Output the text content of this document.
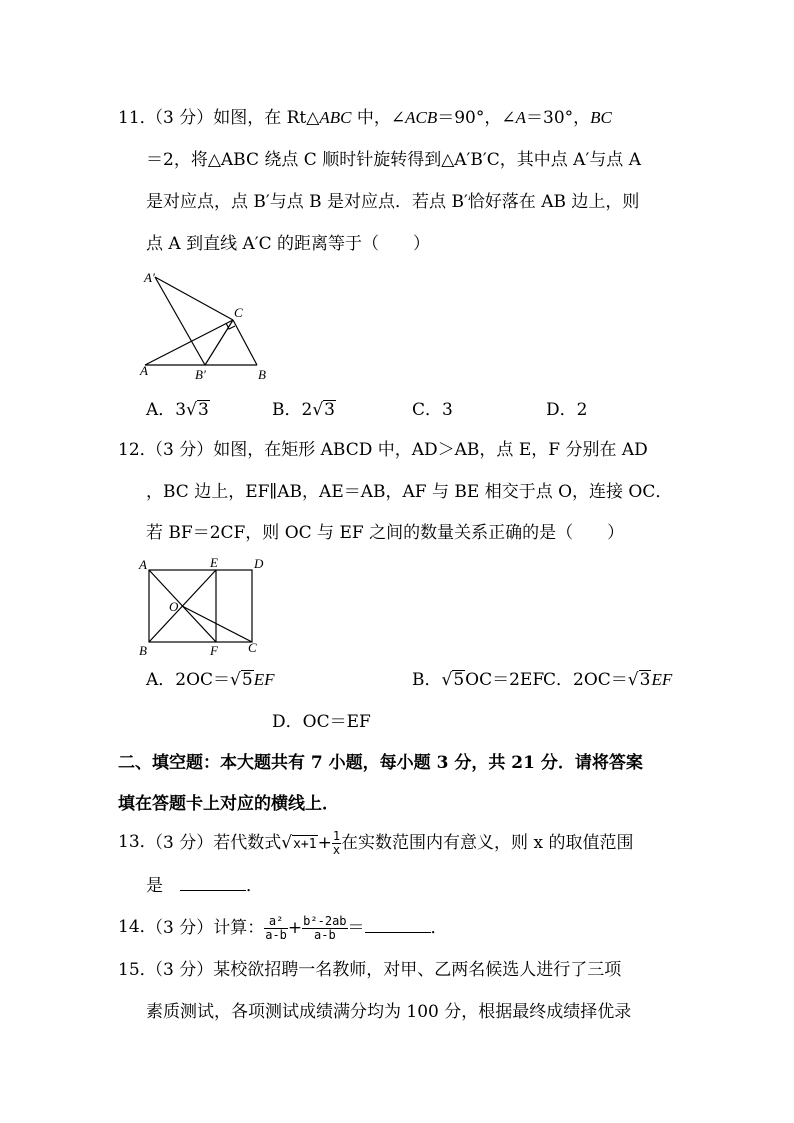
11．
（3 分）如图，在 Rt△ABC 中，∠ACB＝90°，∠A＝30°，BC
＝2，将△ABC 绕点 C 顺时针旋转得到△A′B′C，其中点 A′与点 A
是对应点，点 B′与点 B 是对应点．若点 B′恰好落在 AB 边上，则
点 A 到直线 A′C 的距离等于（　　）
A′
C
A	B′	B
A．3√3	B．2√3	C．3	D．2
12．
（3 分）如图，在矩形 ABCD 中，AD＞AB，点 E，F 分别在 AD
，BC 边上，EF∥AB，AE＝AB，AF 与 BE 相交于点 O，连接 OC．
若 BF＝2CF，则 OC 与 EF 之间的数量关系正确的是（　　）
A	E	D
O
B	F C
A．2OC＝√5EF	B．√5OC＝2EF
C．2OC＝√3EF
D．OC＝EF
二、填空题：本大题共有 7 小题，每小题 3 分，共 21 分．请将答案
填在答题卡上对应的横线上．
13．
（3 分）若代数式$√x+1+ \frac{1}{x}$ 在实数范围内有意义，则 x 的取值范围
是　	．
14．
（3 分）计算： $\frac{\text{a²}}{a-b} + \frac{\text{b²-2ab}}{a-b}$ ＝	．
15．
（3 分）某校欲招聘一名教师，对甲、乙两名候选人进行了三项
素质测试，各项测试成绩满分均为 100 分，根据最终成绩择优录
